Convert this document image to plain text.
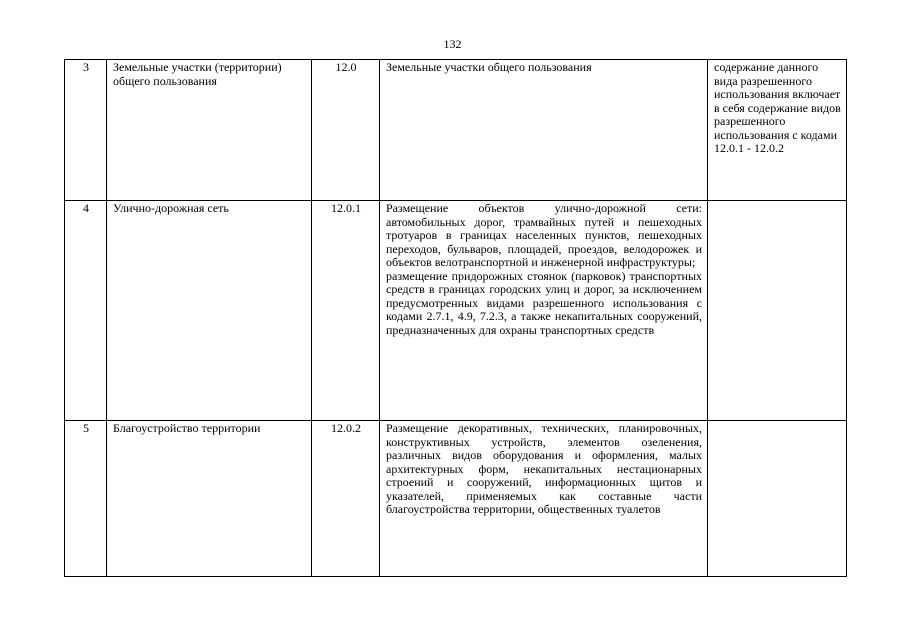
132
3	Земельные участки (территории) общего пользования	12.0	Земельные участки общего пользования	содержание данного вида разрешенного использования включает в себя содержание видов разрешенного использования с кодами 12.0.1 - 12.0.2
4	Улично-дорожная сеть	12.0.1	Размещение объектов улично-дорожной сети: автомобильных дорог, трамвайных путей и пешеходных тротуаров в границах населенных пунктов, пешеходных переходов, бульваров, площадей, проездов, велодорожек и объектов велотранспортной и инженерной инфраструктуры;
размещение придорожных стоянок (парковок) транспортных средств в границах городских улиц и дорог, за исключением предусмотренных видами разрешенного использования с кодами 2.7.1, 4.9, 7.2.3, а также некапитальных сооружений, предназначенных для охраны транспортных средств	

5	Благоустройство территории	12.0.2	Размещение декоративных, технических, планировочных, конструктивных устройств, элементов озеленения, различных видов оборудования и оформления, малых архитектурных форм, некапитальных нестационарных строений и сооружений, информационных щитов и указателей, применяемых как составные части благоустройства территории, общественных туалетов	
